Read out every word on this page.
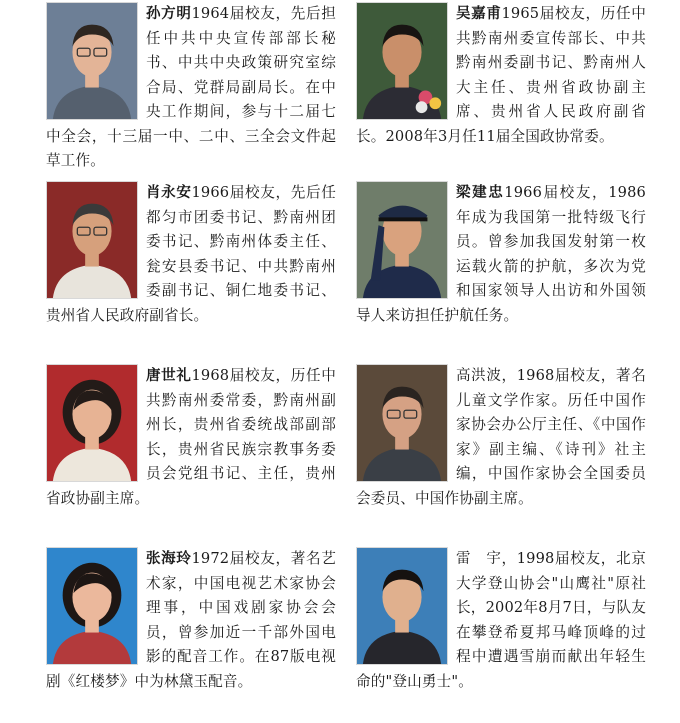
孙方明1964届校友，先后担任中共中央宣传部部长秘书、中共中央政策研究室综合局、党群局副局长。在中央工作期间，参与十二届七中全会，十三届一中、二中、三全会文件起草工作。
吴嘉甫1965届校友，历任中共黔南州委宣传部长、中共黔南州委副书记、黔南州人大主任、贵州省政协副主席、贵州省人民政府副省长。2008年3月任11届全国政协常委。
肖永安1966届校友，先后任都匀市团委书记、黔南州团委书记、黔南州体委主任、瓮安县委书记、中共黔南州委副书记、铜仁地委书记、贵州省人民政府副省长。
梁建忠1966届校友，1986年成为我国第一批特级飞行员。曾参加我国发射第一枚运载火箭的护航，多次为党和国家领导人出访和外国领导人来访担任护航任务。
唐世礼1968届校友，历任中共黔南州委常委，黔南州副州长，贵州省委统战部副部长，贵州省民族宗教事务委员会党组书记、主任，贵州省政协副主席。
高洪波，1968届校友，著名儿童文学作家。历任中国作家协会办公厅主任、《中国作家》副主编、《诗刊》社主编，中国作家协会全国委员会委员、中国作协副主席。
张海玲1972届校友，著名艺术家，中国电视艺术家协会理事，中国戏剧家协会会员，曾参加近一千部外国电影的配音工作。在87版电视剧《红楼梦》中为林黛玉配音。
雷　宇，1998届校友，北京大学登山协会"山鹰社"原社长，2002年8月7日，与队友在攀登希夏邦马峰顶峰的过程中遭遇雪崩而献出年轻生命的"登山勇士"。
